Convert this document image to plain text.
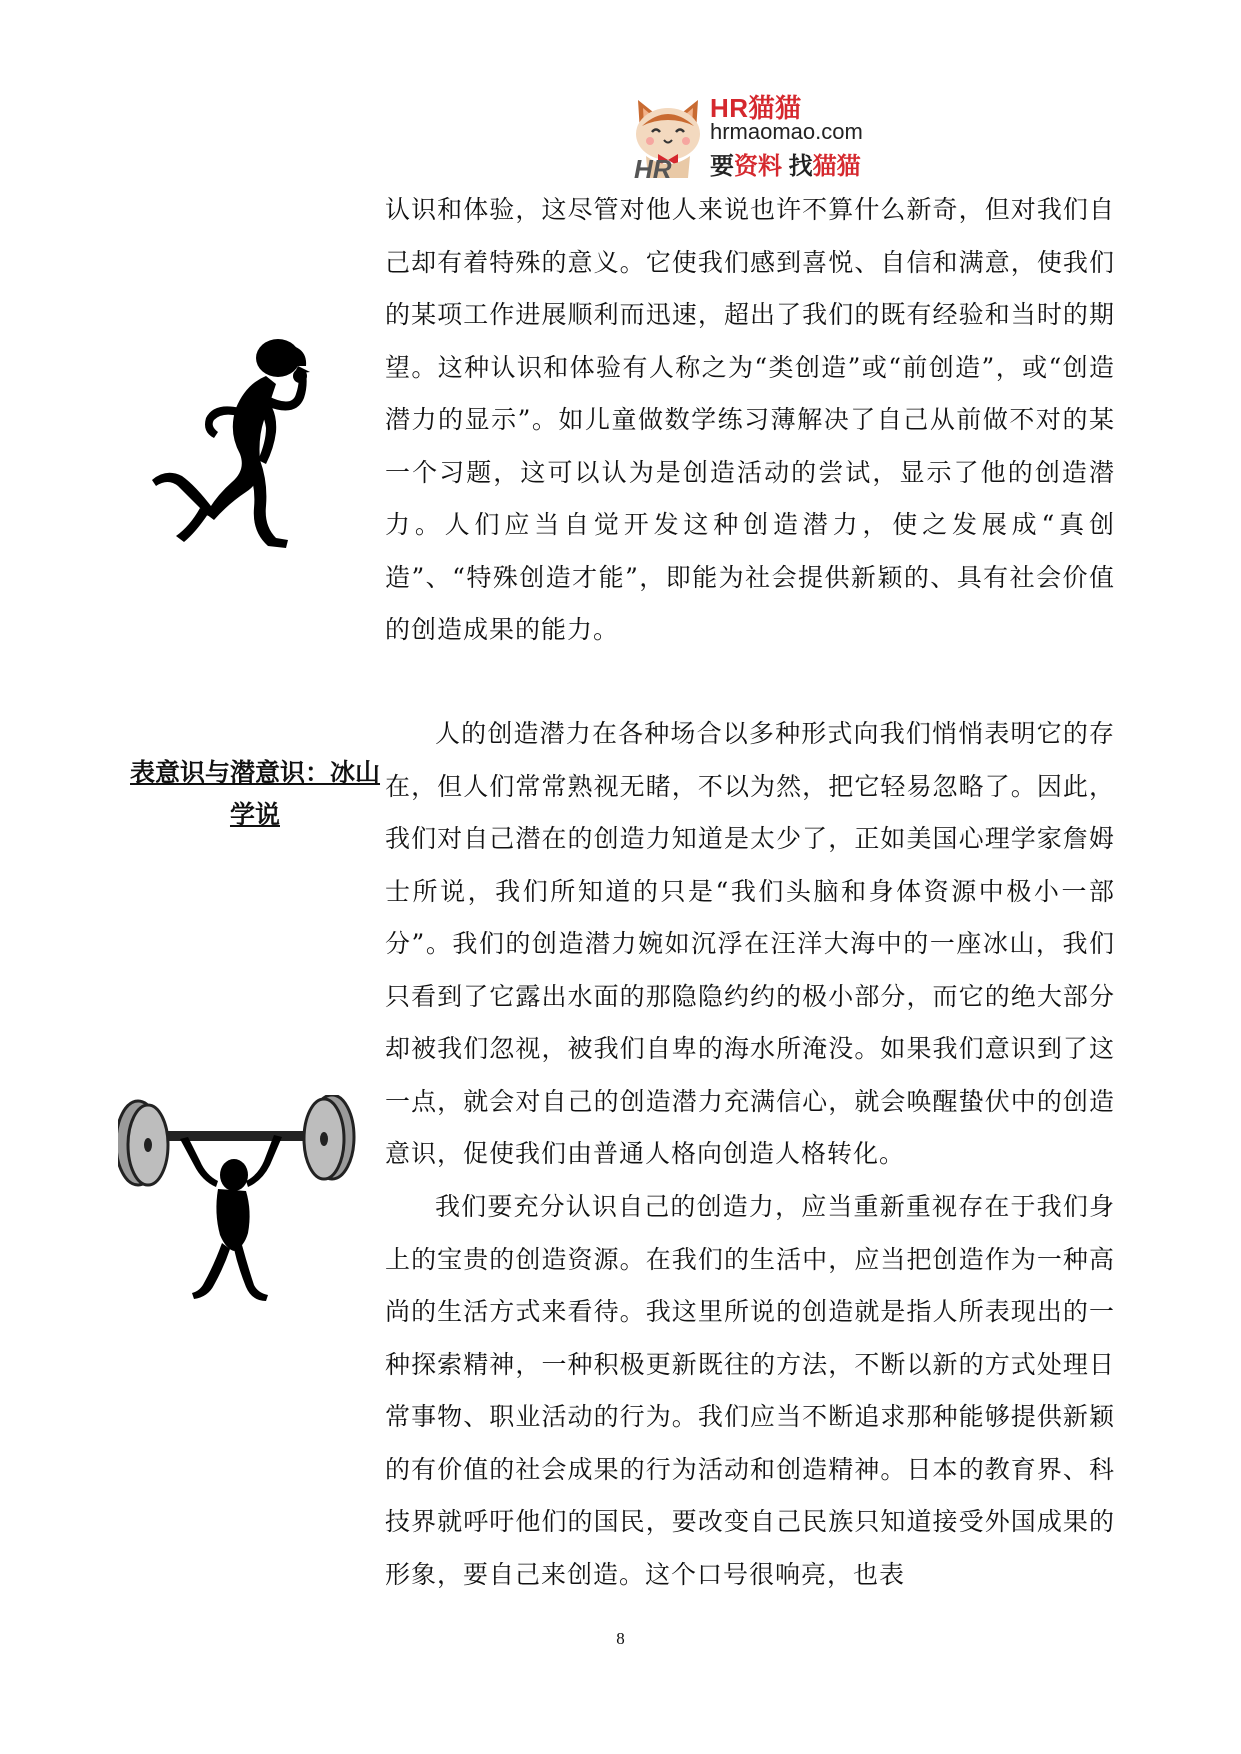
HR
HR猫猫
hrmaomao.com
要资料 找猫猫

认识和体验，这尽管对他人来说也许不算什么新奇，但对我们自己却有着特殊的意义。它使我们感到喜悦、自信和满意，使我们的某项工作进展顺利而迅速，超出了我们的既有经验和当时的期望。这种认识和体验有人称之为“类创造”或“前创造”，或“创造潜力的显示”。如儿童做数学练习薄解决了自己从前做不对的某一个习题，这可以认为是创造活动的尝试，显示了他的创造潜力。人们应当自觉开发这种创造潜力，使之发展成“真创造”、“特殊创造才能”，即能为社会提供新颖的、具有社会价值的创造成果的能力。

表意识与潜意识：冰山学说

人的创造潜力在各种场合以多种形式向我们悄悄表明它的存在，但人们常常熟视无睹，不以为然，把它轻易忽略了。因此，我们对自己潜在的创造力知道是太少了，正如美国心理学家詹姆士所说，我们所知道的只是“我们头脑和身体资源中极小一部分”。我们的创造潜力婉如沉浮在汪洋大海中的一座冰山，我们只看到了它露出水面的那隐隐约约的极小部分，而它的绝大部分却被我们忽视，被我们自卑的海水所淹没。如果我们意识到了这一点，就会对自己的创造潜力充满信心，就会唤醒蛰伏中的创造意识，促使我们由普通人格向创造人格转化。

我们要充分认识自己的创造力，应当重新重视存在于我们身上的宝贵的创造资源。在我们的生活中，应当把创造作为一种高尚的生活方式来看待。我这里所说的创造就是指人所表现出的一种探索精神，一种积极更新既往的方法，不断以新的方式处理日常事物、职业活动的行为。我们应当不断追求那种能够提供新颖的有价值的社会成果的行为活动和创造精神。日本的教育界、科技界就呼吁他们的国民，要改变自己民族只知道接受外国成果的形象，要自己来创造。这个口号很响亮，也表

8
